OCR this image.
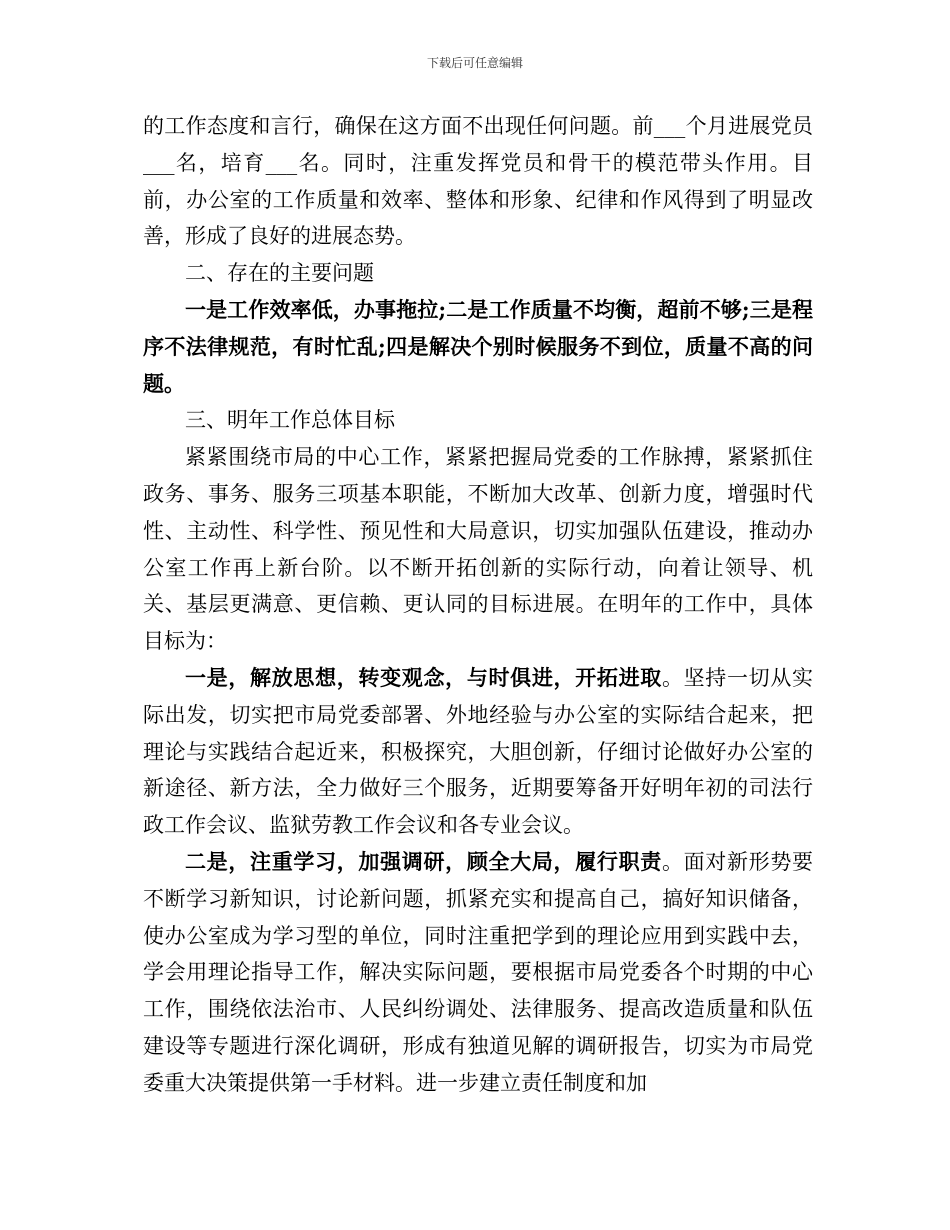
下载后可任意编辑

的工作态度和言行，确保在这方面不出现任何问题。前___个月进展党员___名，培育___名。同时，注重发挥党员和骨干的模范带头作用。目前，办公室的工作质量和效率、整体和形象、纪律和作风得到了明显改善，形成了良好的进展态势。

二、存在的主要问题

一是工作效率低，办事拖拉;二是工作质量不均衡，超前不够;三是程序不法律规范，有时忙乱;四是解决个别时候服务不到位，质量不高的问题。

三、明年工作总体目标

紧紧围绕市局的中心工作，紧紧把握局党委的工作脉搏，紧紧抓住政务、事务、服务三项基本职能，不断加大改革、创新力度，增强时代性、主动性、科学性、预见性和大局意识，切实加强队伍建设，推动办公室工作再上新台阶。以不断开拓创新的实际行动，向着让领导、机关、基层更满意、更信赖、更认同的目标进展。在明年的工作中，具体目标为：

一是，解放思想，转变观念，与时俱进，开拓进取。坚持一切从实际出发，切实把市局党委部署、外地经验与办公室的实际结合起来，把理论与实践结合起近来，积极探究，大胆创新，仔细讨论做好办公室的新途径、新方法，全力做好三个服务，近期要筹备开好明年初的司法行政工作会议、监狱劳教工作会议和各专业会议。

二是，注重学习，加强调研，顾全大局，履行职责。面对新形势要不断学习新知识，讨论新问题，抓紧充实和提高自己，搞好知识储备，使办公室成为学习型的单位，同时注重把学到的理论应用到实践中去，学会用理论指导工作，解决实际问题，要根据市局党委各个时期的中心工作，围绕依法治市、人民纠纷调处、法律服务、提高改造质量和队伍建设等专题进行深化调研，形成有独道见解的调研报告，切实为市局党委重大决策提供第一手材料。进一步建立责任制度和加
